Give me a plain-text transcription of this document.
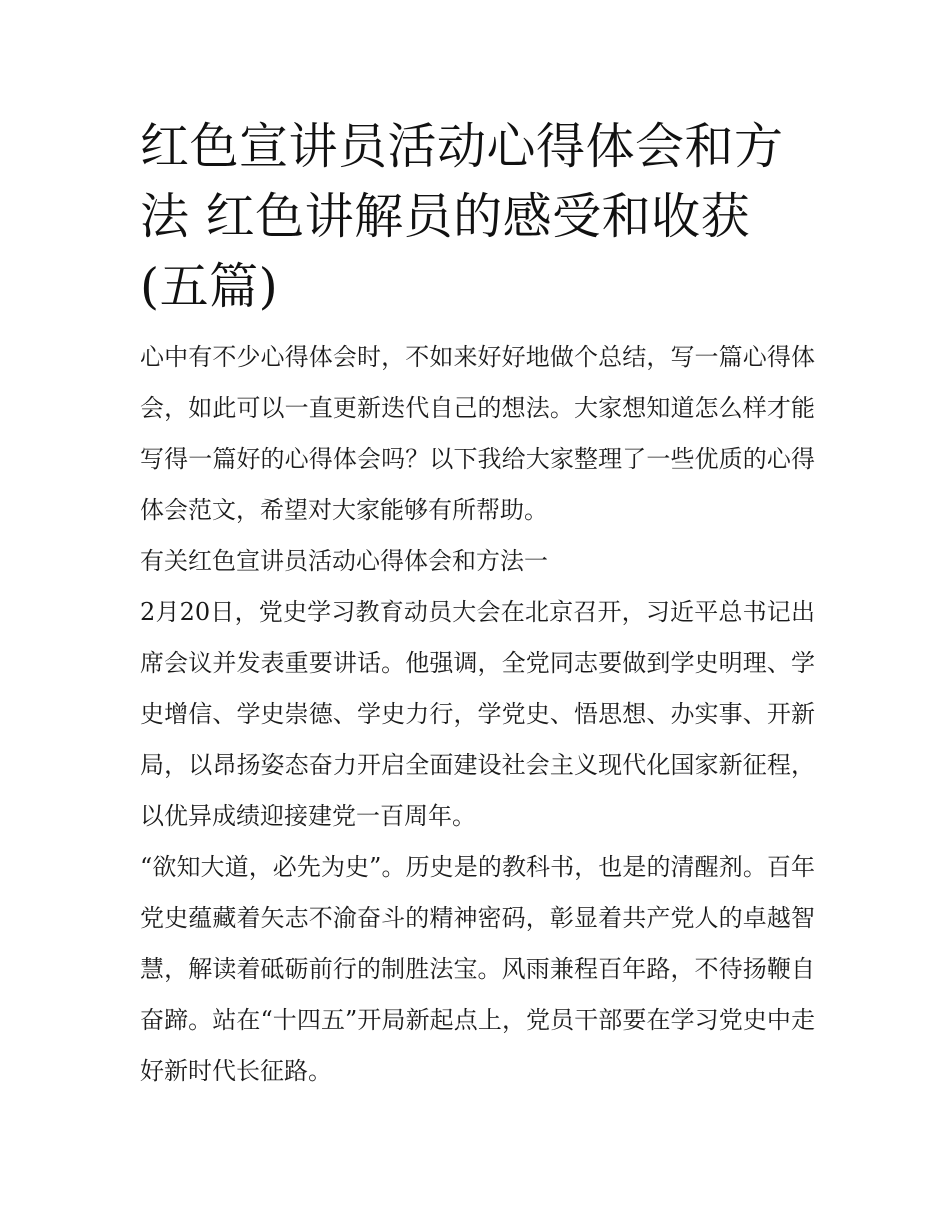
红色宣讲员活动心得体会和方法 红色讲解员的感受和收获(五篇)

心中有不少心得体会时，不如来好好地做个总结，写一篇心得体会，如此可以一直更新迭代自己的想法。大家想知道怎么样才能写得一篇好的心得体会吗？以下我给大家整理了一些优质的心得体会范文，希望对大家能够有所帮助。

有关红色宣讲员活动心得体会和方法一

2月20日，党史学习教育动员大会在北京召开，习近平总书记出席会议并发表重要讲话。他强调，全党同志要做到学史明理、学史增信、学史崇德、学史力行，学党史、悟思想、办实事、开新局，以昂扬姿态奋力开启全面建设社会主义现代化国家新征程，以优异成绩迎接建党一百周年。

“欲知大道，必先为史”。历史是的教科书，也是的清醒剂。百年党史蕴藏着矢志不渝奋斗的精神密码，彰显着共产党人的卓越智慧，解读着砥砺前行的制胜法宝。风雨兼程百年路，不待扬鞭自奋蹄。站在“十四五”开局新起点上，党员干部要在学习党史中走好新时代长征路。
